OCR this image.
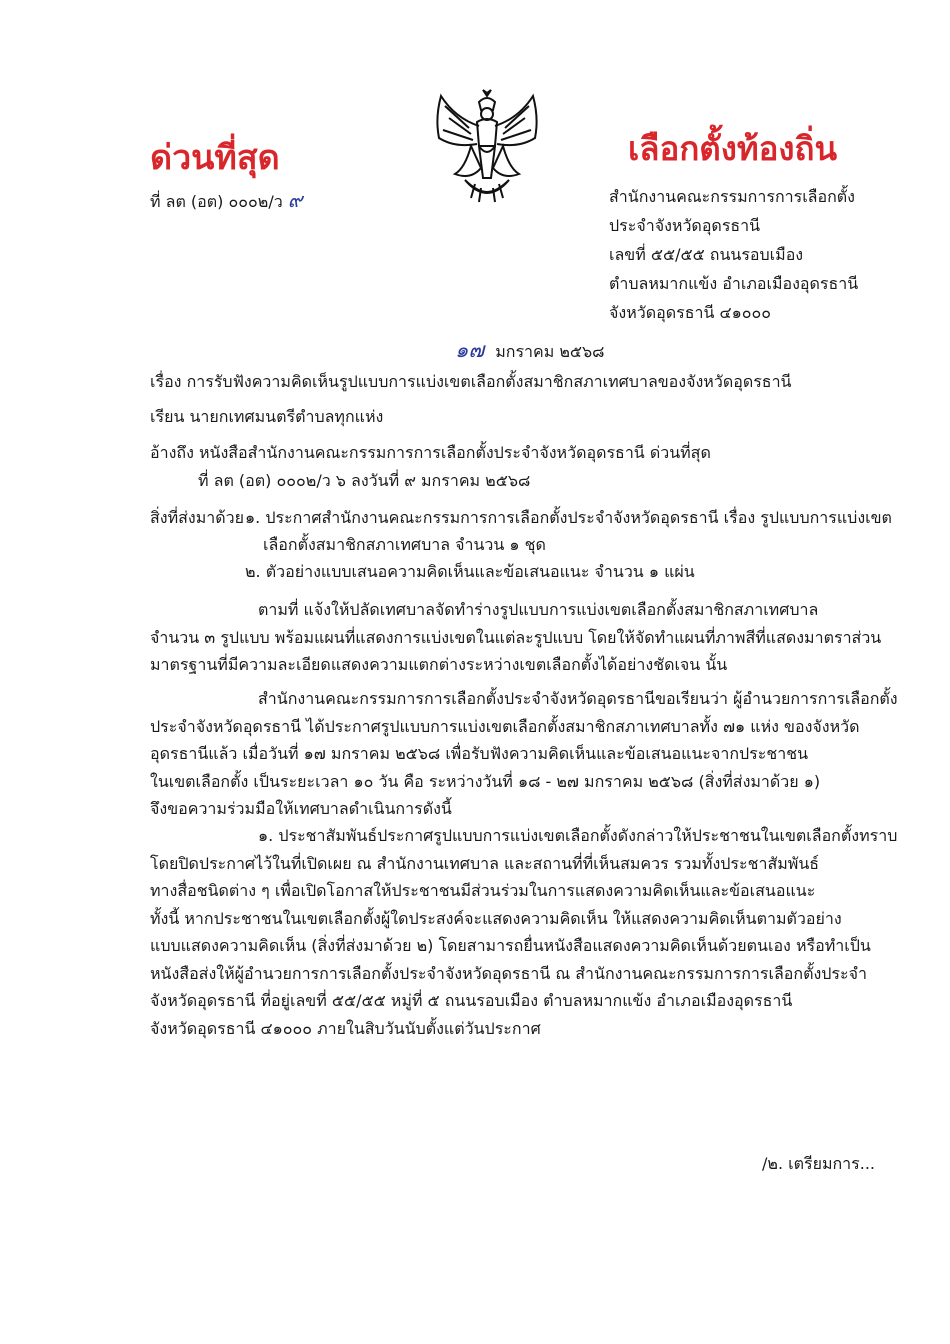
ด่วนที่สุด	เลือกตั้งท้องถิ่น
ที่ ลต (อต) ๐๐๐๒/ว ๙	สำนักงานคณะกรรมการการเลือกตั้ง
ประจำจังหวัดอุดรธานี
เลขที่ ๕๕/๕๕ ถนนรอบเมือง
ตำบลหมากแข้ง อำเภอเมืองอุดรธานี
จังหวัดอุดรธานี ๔๑๐๐๐
๑๗ มกราคม ๒๕๖๘
เรื่อง การรับฟังความคิดเห็นรูปแบบการแบ่งเขตเลือกตั้งสมาชิกสภาเทศบาลของจังหวัดอุดรธานี
เรียน นายกเทศมนตรีตำบลทุกแห่ง
อ้างถึง หนังสือสำนักงานคณะกรรมการการเลือกตั้งประจำจังหวัดอุดรธานี ด่วนที่สุด
ที่ ลต (อต) ๐๐๐๒/ว ๖ ลงวันที่ ๙ มกราคม ๒๕๖๘
สิ่งที่ส่งมาด้วย ๑. ประกาศสำนักงานคณะกรรมการการเลือกตั้งประจำจังหวัดอุดรธานี เรื่อง รูปแบบการแบ่งเขต
เลือกตั้งสมาชิกสภาเทศบาล จำนวน ๑ ชุด
๒. ตัวอย่างแบบเสนอความคิดเห็นและข้อเสนอแนะ จำนวน ๑ แผ่น
ตามที่ แจ้งให้ปลัดเทศบาลจัดทำร่างรูปแบบการแบ่งเขตเลือกตั้งสมาชิกสภาเทศบาล
จำนวน ๓ รูปแบบ พร้อมแผนที่แสดงการแบ่งเขตในแต่ละรูปแบบ โดยให้จัดทำแผนที่ภาพสีที่แสดงมาตราส่วน
มาตรฐานที่มีความละเอียดแสดงความแตกต่างระหว่างเขตเลือกตั้งได้อย่างชัดเจน นั้น
สำนักงานคณะกรรมการการเลือกตั้งประจำจังหวัดอุดรธานีขอเรียนว่า ผู้อำนวยการการเลือกตั้ง
ประจำจังหวัดอุดรธานี ได้ประกาศรูปแบบการแบ่งเขตเลือกตั้งสมาชิกสภาเทศบาลทั้ง ๗๑ แห่ง ของจังหวัด
อุดรธานีแล้ว เมื่อวันที่ ๑๗ มกราคม ๒๕๖๘ เพื่อรับฟังความคิดเห็นและข้อเสนอแนะจากประชาชน
ในเขตเลือกตั้ง เป็นระยะเวลา ๑๐ วัน คือ ระหว่างวันที่ ๑๘ - ๒๗ มกราคม ๒๕๖๘ (สิ่งที่ส่งมาด้วย ๑)
จึงขอความร่วมมือให้เทศบาลดำเนินการดังนี้
๑. ประชาสัมพันธ์ประกาศรูปแบบการแบ่งเขตเลือกตั้งดังกล่าวให้ประชาชนในเขตเลือกตั้งทราบ
โดยปิดประกาศไว้ในที่เปิดเผย ณ สำนักงานเทศบาล และสถานที่ที่เห็นสมควร รวมทั้งประชาสัมพันธ์
ทางสื่อชนิดต่าง ๆ เพื่อเปิดโอกาสให้ประชาชนมีส่วนร่วมในการแสดงความคิดเห็นและข้อเสนอแนะ
ทั้งนี้ หากประชาชนในเขตเลือกตั้งผู้ใดประสงค์จะแสดงความคิดเห็น ให้แสดงความคิดเห็นตามตัวอย่าง
แบบแสดงความคิดเห็น (สิ่งที่ส่งมาด้วย ๒) โดยสามารถยื่นหนังสือแสดงความคิดเห็นด้วยตนเอง หรือทำเป็น
หนังสือส่งให้ผู้อำนวยการการเลือกตั้งประจำจังหวัดอุดรธานี ณ สำนักงานคณะกรรมการการเลือกตั้งประจำ
จังหวัดอุดรธานี ที่อยู่เลขที่ ๕๕/๕๕ หมู่ที่ ๕ ถนนรอบเมือง ตำบลหมากแข้ง อำเภอเมืองอุดรธานี
จังหวัดอุดรธานี ๔๑๐๐๐ ภายในสิบวันนับตั้งแต่วันประกาศ
/๒. เตรียมการ...
